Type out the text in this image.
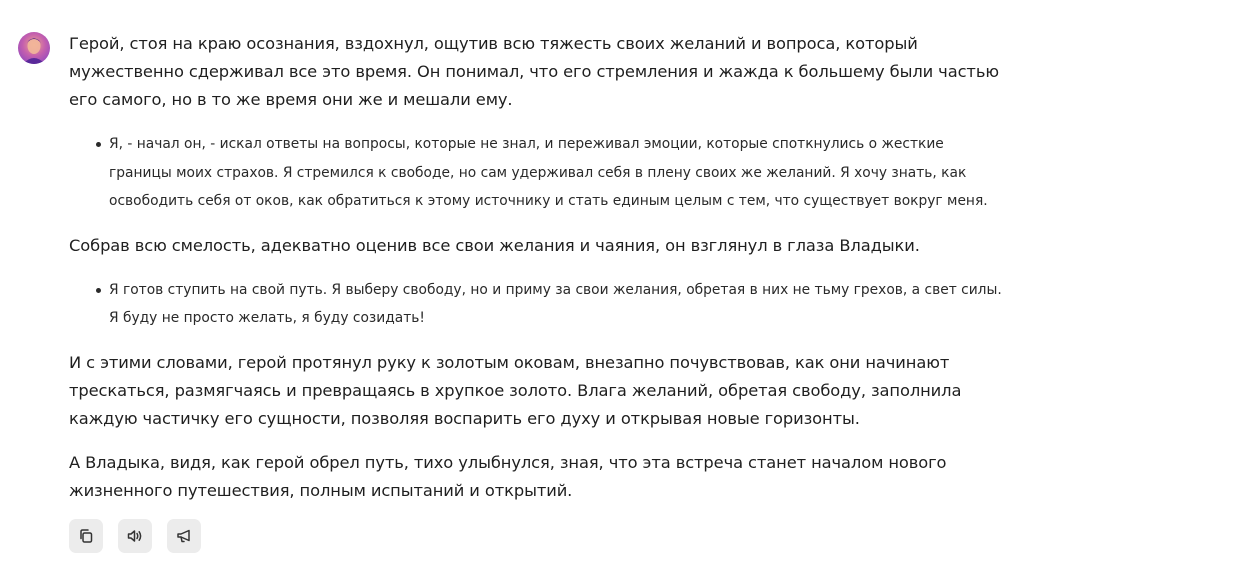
Герой, стоя на краю осознания, вздохнул, ощутив всю тяжесть своих желаний и вопроса, который мужественно сдерживал все это время. Он понимал, что его стремления и жажда к большему были частью его самого, но в то же время они же и мешали ему.

Я, - начал он, - искал ответы на вопросы, которые не знал, и переживал эмоции, которые споткнулись о жесткие границы моих страхов. Я стремился к свободе, но сам удерживал себя в плену своих же желаний. Я хочу знать, как освободить себя от оков, как обратиться к этому источнику и стать единым целым с тем, что существует вокруг меня.

Собрав всю смелость, адекватно оценив все свои желания и чаяния, он взглянул в глаза Владыки.

Я готов ступить на свой путь. Я выберу свободу, но и приму за свои желания, обретая в них не тьму грехов, а свет силы. Я буду не просто желать, я буду созидать!

И с этими словами, герой протянул руку к золотым оковам, внезапно почувствовав, как они начинают трескаться, размягчаясь и превращаясь в хрупкое золото. Влага желаний, обретая свободу, заполнила каждую частичку его сущности, позволяя воспарить его духу и открывая новые горизонты.

А Владыка, видя, как герой обрел путь, тихо улыбнулся, зная, что эта встреча станет началом нового жизненного путешествия, полным испытаний и открытий.
